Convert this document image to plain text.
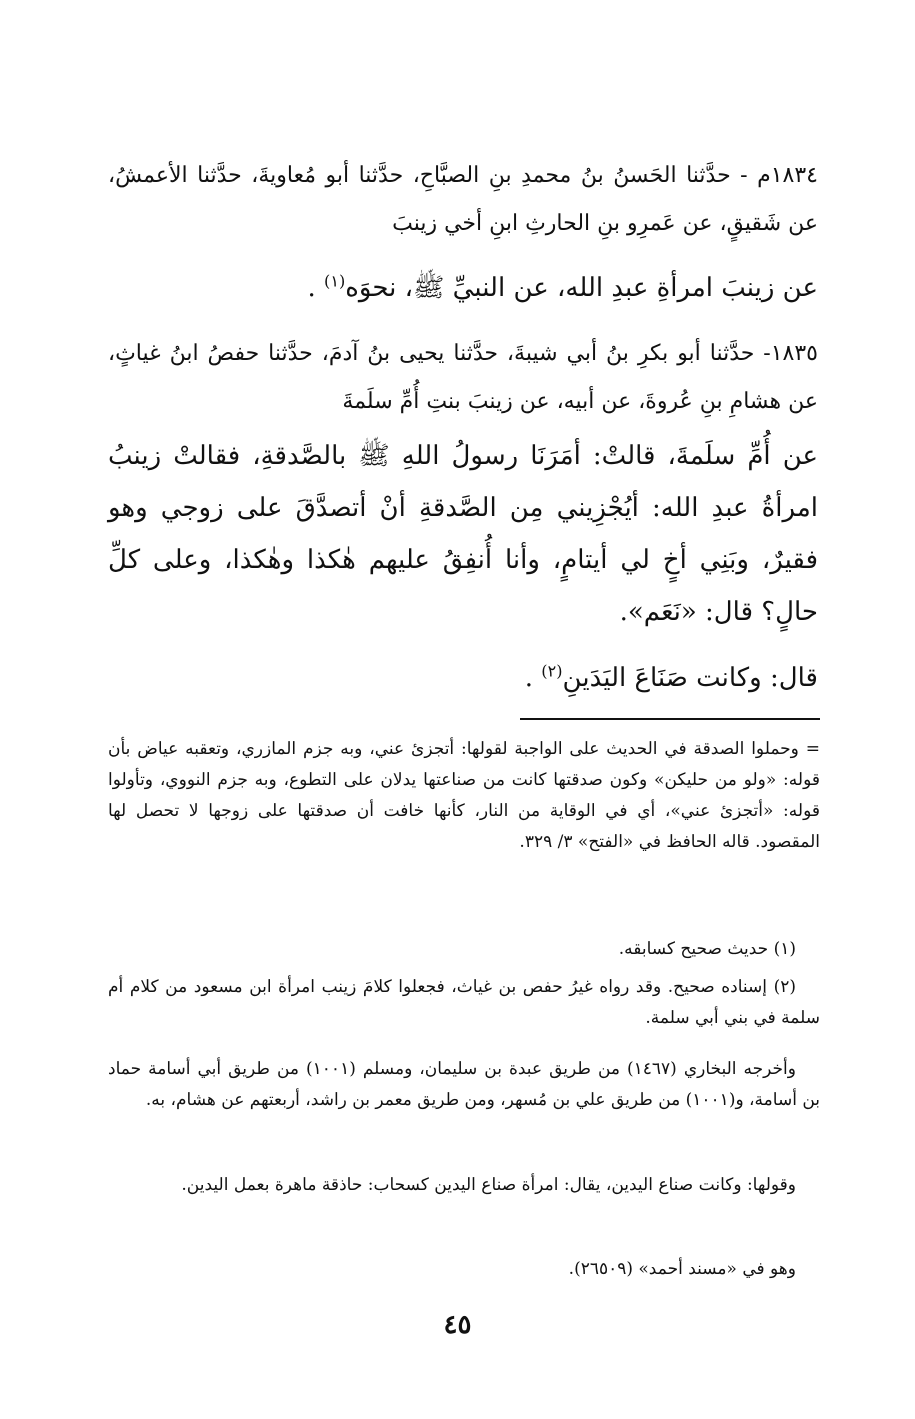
١٨٣٤م - حدَّثنا الحَسنُ بنُ محمدِ بنِ الصبَّاحِ، حدَّثنا أبو مُعاويةَ، حدَّثنا الأعمشُ، عن شَقيقٍ، عن عَمرِو بنِ الحارثِ ابنِ أخي زينبَ

عن زينبَ امرأةِ عبدِ الله، عن النبيِّ ﷺ، نحوَه$^{(١)}$ .

١٨٣٥- حدَّثنا أبو بكرِ بنُ أبي شيبةَ، حدَّثنا يحيى بنُ آدمَ، حدَّثنا حفصُ ابنُ غياثٍ، عن هشامِ بنِ عُروةَ، عن أبيه، عن زينبَ بنتِ أُمِّ سلَمةَ

عن أُمِّ سلَمةَ، قالتْ: أمَرَنَا رسولُ اللهِ ﷺ بالصَّدقةِ، فقالتْ زينبُ امرأةُ عبدِ الله: أيُجْزِيني مِن الصَّدقةِ أنْ أتصدَّقَ على زوجي وهو فقيرٌ، وبَنِي أخٍ لي أيتامٍ، وأنا أُنفِقُ عليهم هٰكذا وهٰكذا، وعلى كلِّ حالٍ؟ قال: «نَعَم».

قال: وكانت صَنَاعَ اليَدَينِ$^{(٢)}$ .

= وحملوا الصدقة في الحديث على الواجبة لقولها: أتجزئ عني، وبه جزم المازري، وتعقبه عياض بأن قوله: «ولو من حليكن» وكون صدقتها كانت من صناعتها يدلان على التطوع، وبه جزم النووي، وتأولوا قوله: «أتجزئ عني»، أي في الوقاية من النار، كأنها خافت أن صدقتها على زوجها لا تحصل لها المقصود. قاله الحافظ في «الفتح» ٣/ ٣٢٩.

(١) حديث صحيح كسابقه.

(٢) إسناده صحيح. وقد رواه غيرُ حفص بن غياث، فجعلوا كلامَ زينب امرأة ابن مسعود من كلام أم سلمة في بني أبي سلمة.

وأخرجه البخاري (١٤٦٧) من طريق عبدة بن سليمان، ومسلم (١٠٠١) من طريق أبي أسامة حماد بن أسامة، و(١٠٠١) من طريق علي بن مُسهر، ومن طريق معمر بن راشد، أربعتهم عن هشام، به.

وقولها: وكانت صناع اليدين، يقال: امرأة صناع اليدين كسحاب: حاذقة ماهرة بعمل اليدين.

وهو في «مسند أحمد» (٢٦٥٠٩).

٤٥
